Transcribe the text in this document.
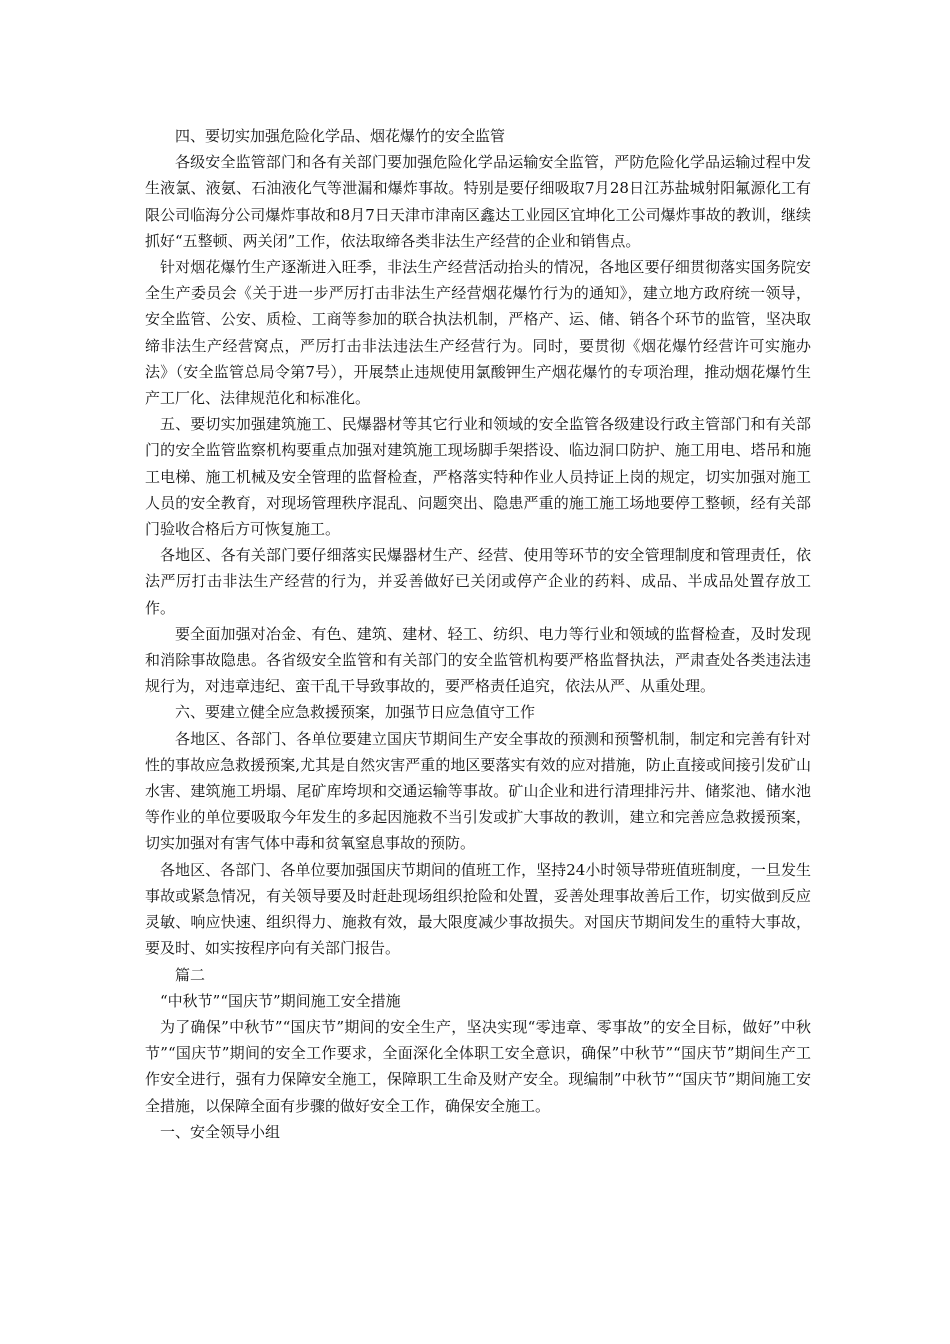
四、要切实加强危险化学品、烟花爆竹的安全监管

各级安全监管部门和各有关部门要加强危险化学品运输安全监管，严防危险化学品运输过程中发生液氯、液氨、石油液化气等泄漏和爆炸事故。特别是要仔细吸取7月28日江苏盐城射阳氟源化工有限公司临海分公司爆炸事故和8月7日天津市津南区鑫达工业园区宜坤化工公司爆炸事故的教训，继续抓好“五整顿、两关闭”工作，依法取缔各类非法生产经营的企业和销售点。

针对烟花爆竹生产逐渐进入旺季，非法生产经营活动抬头的情况，各地区要仔细贯彻落实国务院安全生产委员会《关于进一步严厉打击非法生产经营烟花爆竹行为的通知》，建立地方政府统一领导，安全监管、公安、质检、工商等参加的联合执法机制，严格产、运、储、销各个环节的监管，坚决取缔非法生产经营窝点，严厉打击非法违法生产经营行为。同时，要贯彻《烟花爆竹经营许可实施办法》（安全监管总局令第7号），开展禁止违规使用氯酸钾生产烟花爆竹的专项治理，推动烟花爆竹生产工厂化、法律规范化和标准化。

五、要切实加强建筑施工、民爆器材等其它行业和领域的安全监管各级建设行政主管部门和有关部门的安全监管监察机构要重点加强对建筑施工现场脚手架搭设、临边洞口防护、施工用电、塔吊和施工电梯、施工机械及安全管理的监督检查，严格落实特种作业人员持证上岗的规定，切实加强对施工人员的安全教育，对现场管理秩序混乱、问题突出、隐患严重的施工施工场地要停工整顿，经有关部门验收合格后方可恢复施工。

各地区、各有关部门要仔细落实民爆器材生产、经营、使用等环节的安全管理制度和管理责任，依法严厉打击非法生产经营的行为，并妥善做好已关闭或停产企业的药料、成品、半成品处置存放工作。

要全面加强对冶金、有色、建筑、建材、轻工、纺织、电力等行业和领域的监督检查，及时发现和消除事故隐患。各省级安全监管和有关部门的安全监管机构要严格监督执法，严肃查处各类违法违规行为，对违章违纪、蛮干乱干导致事故的，要严格责任追究，依法从严、从重处理。

六、要建立健全应急救援预案，加强节日应急值守工作

各地区、各部门、各单位要建立国庆节期间生产安全事故的预测和预警机制，制定和完善有针对性的事故应急救援预案,尤其是自然灾害严重的地区要落实有效的应对措施，防止直接或间接引发矿山水害、建筑施工坍塌、尾矿库垮坝和交通运输等事故。矿山企业和进行清理排污井、储浆池、储水池等作业的单位要吸取今年发生的多起因施救不当引发或扩大事故的教训，建立和完善应急救援预案，切实加强对有害气体中毒和贫氧窒息事故的预防。

各地区、各部门、各单位要加强国庆节期间的值班工作，坚持24小时领导带班值班制度，一旦发生事故或紧急情况，有关领导要及时赶赴现场组织抢险和处置，妥善处理事故善后工作，切实做到反应灵敏、响应快速、组织得力、施救有效，最大限度减少事故损失。对国庆节期间发生的重特大事故，要及时、如实按程序向有关部门报告。

篇二

“中秋节”“国庆节”期间施工安全措施

为了确保”中秋节”“国庆节”期间的安全生产，坚决实现“零违章、零事故”的安全目标，做好”中秋节”“国庆节”期间的安全工作要求，全面深化全体职工安全意识，确保”中秋节”“国庆节”期间生产工作安全进行，强有力保障安全施工，保障职工生命及财产安全。现编制”中秋节”“国庆节”期间施工安全措施，以保障全面有步骤的做好安全工作，确保安全施工。

一、安全领导小组
